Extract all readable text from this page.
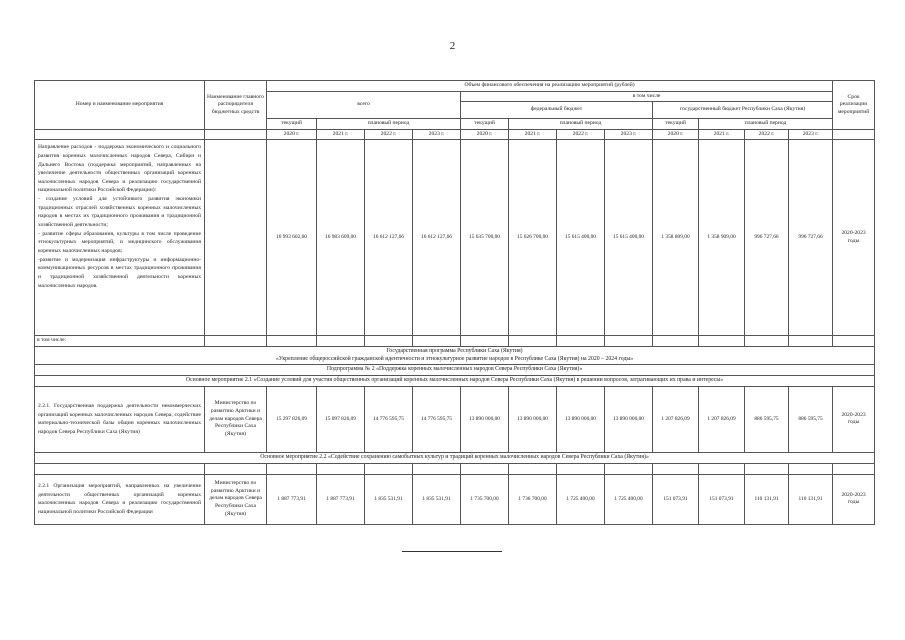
2
Номер и наименование мероприятия	Наименование главного распорядителя бюджетных средств	Объем финансового обеспечения на реализацию мероприятий (рублей)												Срок реализации мероприятий
		всего				в том числе								
						федеральный бюджет				государственный бюджет Республики Саха (Якутия)				
		текущий	плановый период			текущий	плановый период			текущий	плановый период			
		2020 г.	2021 г.	2022 г.	2023 г.	2020 г.	2021 г.	2022 г.	2023 г.	2020 г.	2021 г.	2022 г.	2023 г.	

Направление расходов - поддержка экономического и социального развития коренных малочисленных народов Севера, Сибири и Дальнего Востока (поддержка мероприятий, направленных на увеличение деятельности общественных организаций коренных малочисленных народов Севера и реализацию государственной национальной политики Российской Федерации):

- создание условий для устойчивого развития экономики традиционных отраслей хозяйственных коренных малочисленных народов в местах их традиционного проживания и традиционной хозяйственной деятельности;

- развитие сферы образования, культуры в том числе проведение этнокультурных мероприятий, и медицинского обслуживания коренных малочисленных народов;

-развитие и модернизация инфраструктуры и информационно-коммуникационных ресурсов в местах традиционного проживания и традиционной хозяйственной деятельности коренных малочисленных народов.		16 993 602,60	16 983 609,00	16 612 127,66	16 612 127,66	15 635 700,00	15 626 700,00	15 615 400,00	15 615 400,00	1 358 809,00	1 358 909,00	996 727,66	996 727,66	2020-2023 годы
в том числе:														

Государственная программа Республики Саха (Якутия)
«Укрепление общероссийской гражданской идентичности и этнокультурное развитие народов в Республике Саха (Якутия) на 2020 – 2024 годы»														

Подпрограмма № 2 «Поддержка коренных малочисленных народов Севера Республики Саха (Якутия)»														
Основное мероприятие 2.1 «Создание условий для участия общественных организаций коренных малочисленных народов Севера Республики Саха (Якутия) в решении вопросов, затрагивающих их права и интересы»														
2.2.1. Государственная поддержка деятельности некоммерческих организаций коренных малочисленных народов Севера, содействие материально-технической базы общин коренных малочисленных народов Севера Республики Саха (Якутия)	Министерство по развитию Арктики и делам народов Севера Республики Саха (Якутия)	15 297 826,09	15 097 826,09	14 776 595,75	14 776 595,75	13 890 000,00	13 890 000,00	13 890 000,00	13 890 000,00	1 207 826,09	1 207 826,09	886 595,75	886 595,75	2020-2023 годы
Основное мероприятие 2.2 «Содействие сохранению самобытных культур и традиций коренных малочисленных народов Севера Республики Саха (Якутия)»														

2.2.1 Организация мероприятий, направленных на увеличение деятельности общественных организаций коренных малочисленных народов Севера и реализацию государственной национальной политики Российской Федерации	Министерство по развитию Арктики и делам народов Севера Республики Саха (Якутия)	1 887 773,91	1 887 773,91	1 835 531,91	1 835 531,91	1 735 700,00	1 736 700,00	1 725 400,00	1 725 400,00	151 073,91	151 073,91	110 131,91	110 131,91	2020-2023 годы
